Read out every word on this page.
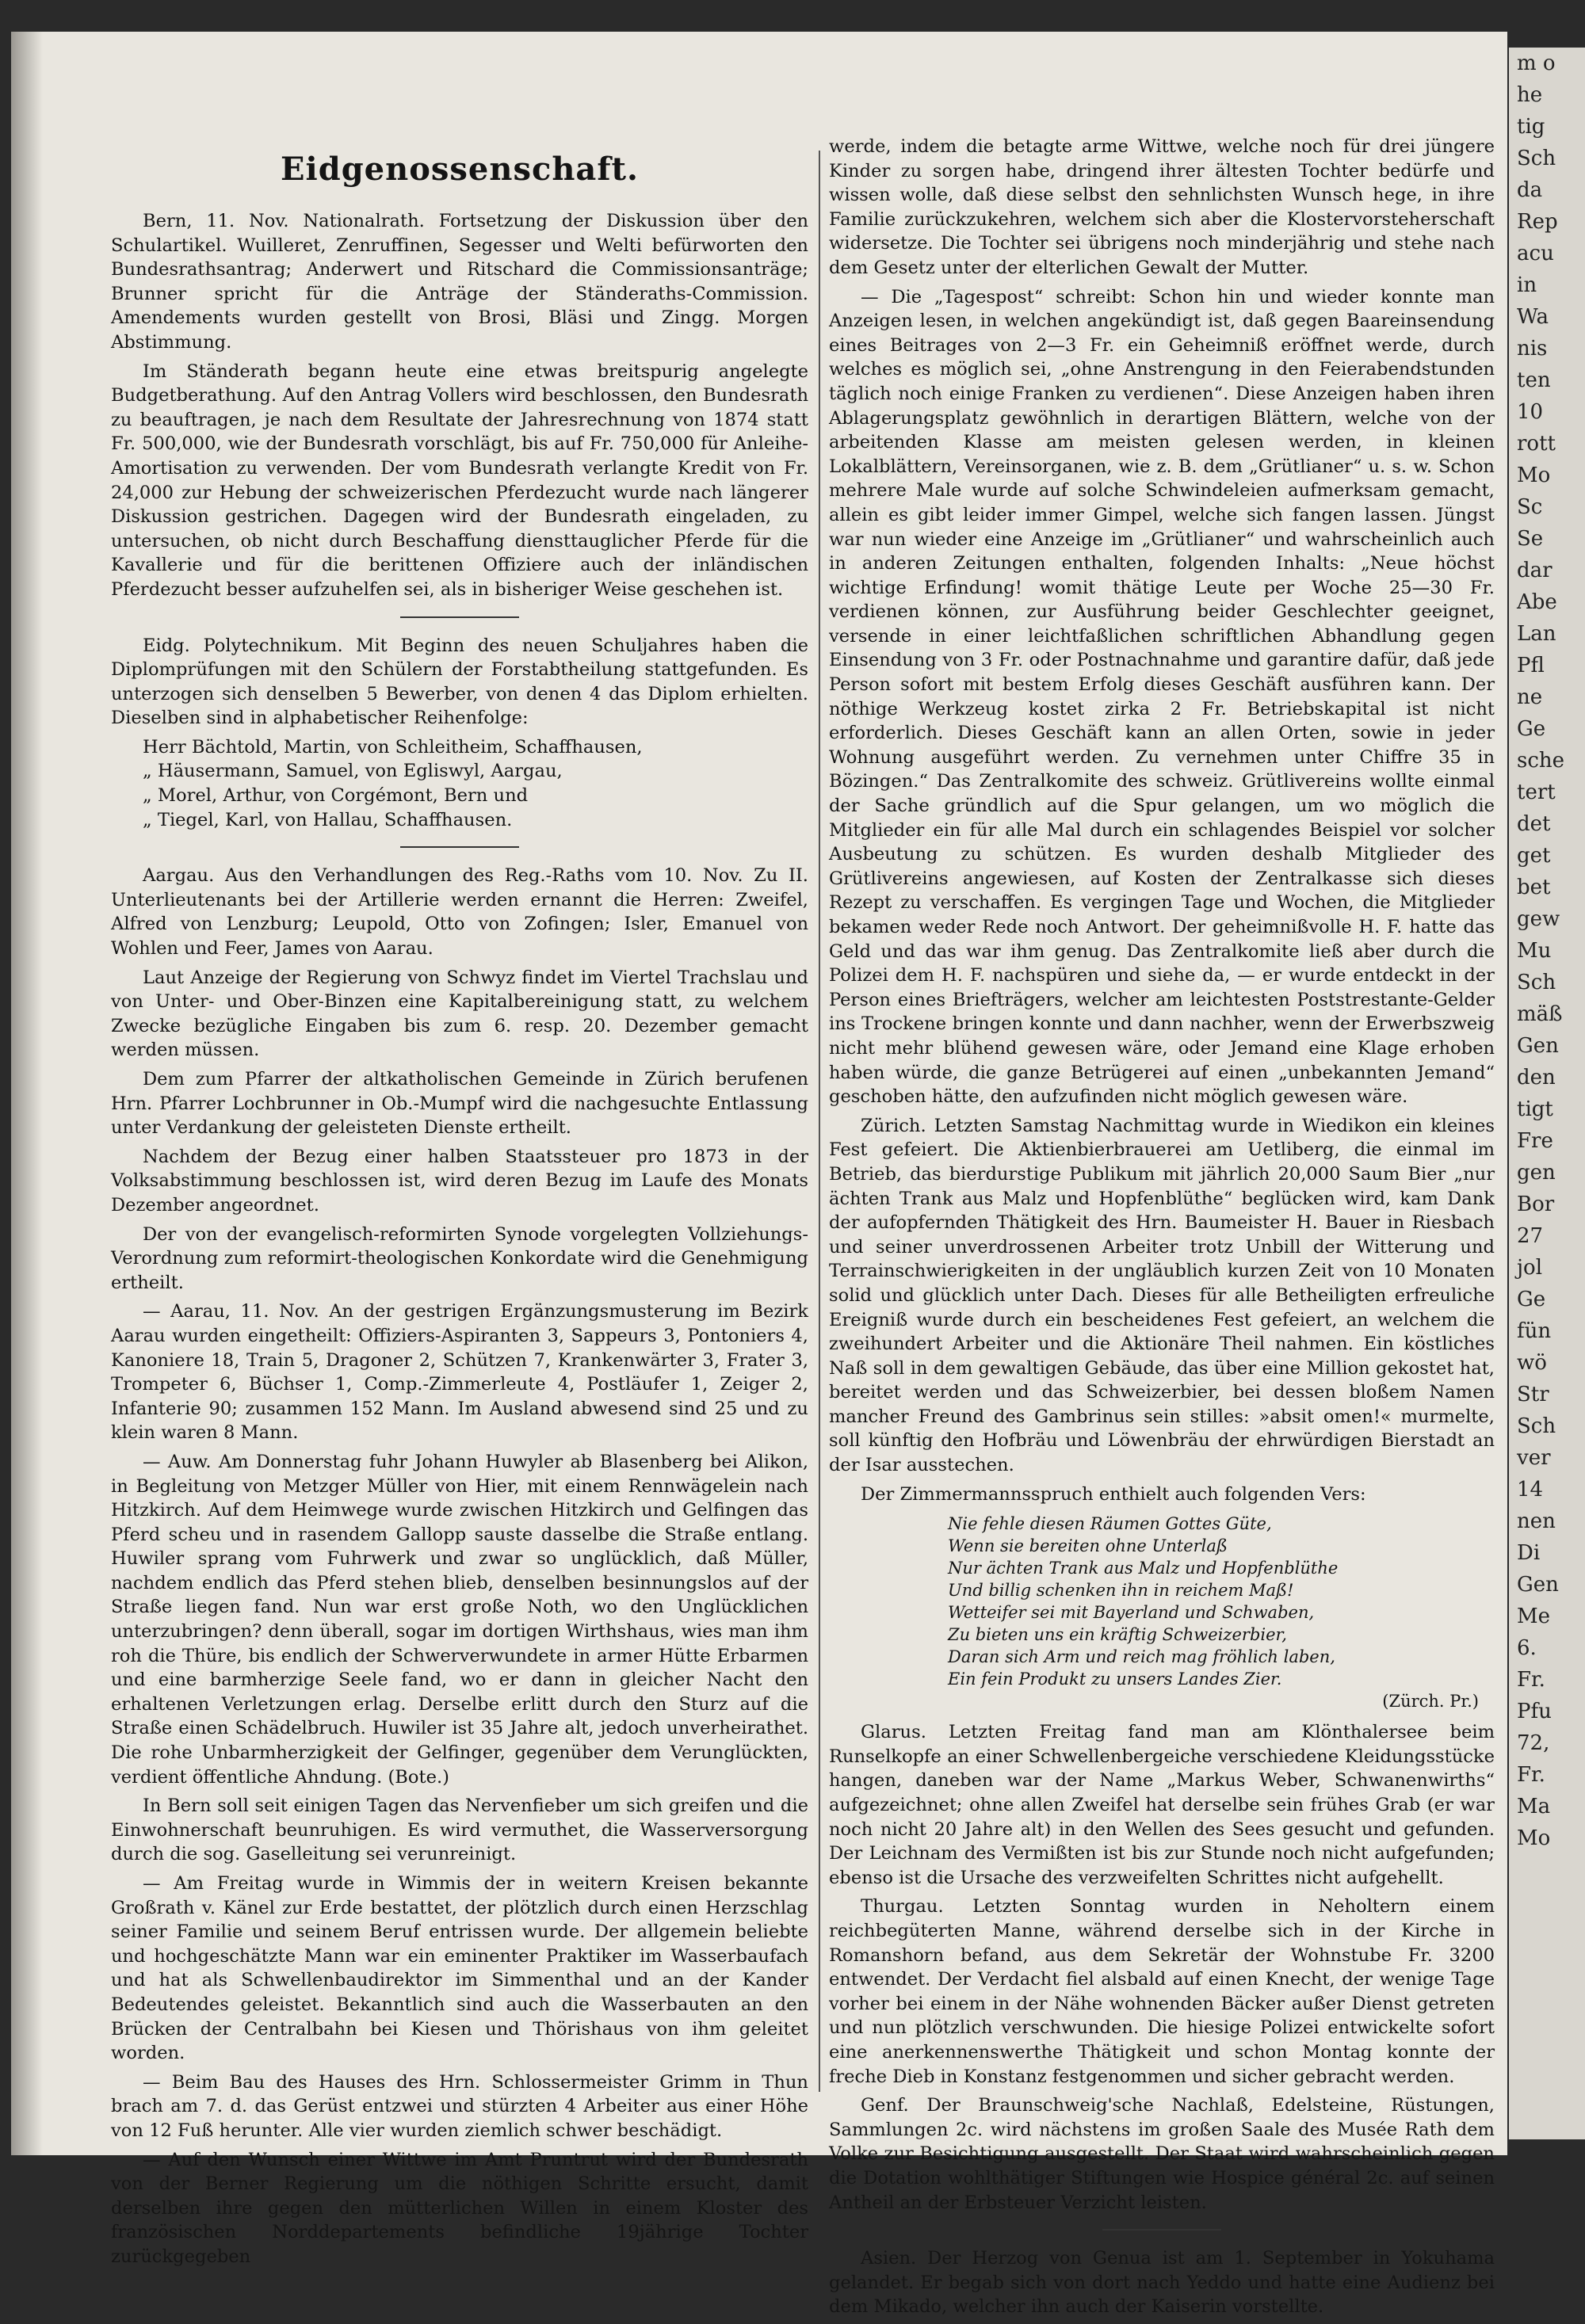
Eidgenossenschaft.

Bern, 11. Nov. Nationalrath. Fortsetzung der Diskussion über den Schulartikel. Wuilleret, Zenruffinen, Segesser und Welti befürworten den Bundesrathsantrag; Anderwert und Ritschard die Commissionsanträge; Brunner spricht für die Anträge der Ständeraths-Commission. Amendements wurden gestellt von Brosi, Bläsi und Zingg. Morgen Abstimmung.

Im Ständerath begann heute eine etwas breitspurig angelegte Budgetberathung. Auf den Antrag Vollers wird beschlossen, den Bundesrath zu beauftragen, je nach dem Resultate der Jahresrechnung von 1874 statt Fr. 500,000, wie der Bundesrath vorschlägt, bis auf Fr. 750,000 für Anleihe-Amortisation zu verwenden. Der vom Bundesrath verlangte Kredit von Fr. 24,000 zur Hebung der schweizerischen Pferdezucht wurde nach längerer Diskussion gestrichen. Dagegen wird der Bundesrath eingeladen, zu untersuchen, ob nicht durch Beschaffung diensttauglicher Pferde für die Kavallerie und für die berittenen Offiziere auch der inländischen Pferdezucht besser aufzuhelfen sei, als in bisheriger Weise geschehen ist.

Eidg. Polytechnikum. Mit Beginn des neuen Schuljahres haben die Diplomprüfungen mit den Schülern der Forstabtheilung stattgefunden. Es unterzogen sich denselben 5 Bewerber, von denen 4 das Diplom erhielten. Dieselben sind in alphabetischer Reihenfolge:

Herr Bächtold, Martin, von Schleitheim, Schaffhausen,
„ Häusermann, Samuel, von Egliswyl, Aargau,
„ Morel, Arthur, von Corgémont, Bern und
„ Tiegel, Karl, von Hallau, Schaffhausen.

Aargau. Aus den Verhandlungen des Reg.-Raths vom 10. Nov. Zu II. Unterlieutenants bei der Artillerie werden ernannt die Herren: Zweifel, Alfred von Lenzburg; Leupold, Otto von Zofingen; Isler, Emanuel von Wohlen und Feer, James von Aarau.

Laut Anzeige der Regierung von Schwyz findet im Viertel Trachslau und von Unter- und Ober-Binzen eine Kapitalbereinigung statt, zu welchem Zwecke bezügliche Eingaben bis zum 6. resp. 20. Dezember gemacht werden müssen.

Dem zum Pfarrer der altkatholischen Gemeinde in Zürich berufenen Hrn. Pfarrer Lochbrunner in Ob.-Mumpf wird die nachgesuchte Entlassung unter Verdankung der geleisteten Dienste ertheilt.

Nachdem der Bezug einer halben Staatssteuer pro 1873 in der Volksabstimmung beschlossen ist, wird deren Bezug im Laufe des Monats Dezember angeordnet.

Der von der evangelisch-reformirten Synode vorgelegten Vollziehungs-Verordnung zum reformirt-theologischen Konkordate wird die Genehmigung ertheilt.

— Aarau, 11. Nov. An der gestrigen Ergänzungsmusterung im Bezirk Aarau wurden eingetheilt: Offiziers-Aspiranten 3, Sappeurs 3, Pontoniers 4, Kanoniere 18, Train 5, Dragoner 2, Schützen 7, Krankenwärter 3, Frater 3, Trompeter 6, Büchser 1, Comp.-Zimmerleute 4, Postläufer 1, Zeiger 2, Infanterie 90; zusammen 152 Mann. Im Ausland abwesend sind 25 und zu klein waren 8 Mann.

— Auw. Am Donnerstag fuhr Johann Huwyler ab Blasenberg bei Alikon, in Begleitung von Metzger Müller von Hier, mit einem Rennwägelein nach Hitzkirch. Auf dem Heimwege wurde zwischen Hitzkirch und Gelfingen das Pferd scheu und in rasendem Gallopp sauste dasselbe die Straße entlang. Huwiler sprang vom Fuhrwerk und zwar so unglücklich, daß Müller, nachdem endlich das Pferd stehen blieb, denselben besinnungslos auf der Straße liegen fand. Nun war erst große Noth, wo den Unglücklichen unterzubringen? denn überall, sogar im dortigen Wirthshaus, wies man ihm roh die Thüre, bis endlich der Schwerverwundete in armer Hütte Erbarmen und eine barmherzige Seele fand, wo er dann in gleicher Nacht den erhaltenen Verletzungen erlag. Derselbe erlitt durch den Sturz auf die Straße einen Schädelbruch. Huwiler ist 35 Jahre alt, jedoch unverheirathet. Die rohe Unbarmherzigkeit der Gelfinger, gegenüber dem Verunglückten, verdient öffentliche Ahndung. (Bote.)

In Bern soll seit einigen Tagen das Nervenfieber um sich greifen und die Einwohnerschaft beunruhigen. Es wird vermuthet, die Wasserversorgung durch die sog. Gaselleitung sei verunreinigt.

— Am Freitag wurde in Wimmis der in weitern Kreisen bekannte Großrath v. Känel zur Erde bestattet, der plötzlich durch einen Herzschlag seiner Familie und seinem Beruf entrissen wurde. Der allgemein beliebte und hochgeschätzte Mann war ein eminenter Praktiker im Wasserbaufach und hat als Schwellenbaudirektor im Simmenthal und an der Kander Bedeutendes geleistet. Bekanntlich sind auch die Wasserbauten an den Brücken der Centralbahn bei Kiesen und Thörishaus von ihm geleitet worden.

— Beim Bau des Hauses des Hrn. Schlossermeister Grimm in Thun brach am 7. d. das Gerüst entzwei und stürzten 4 Arbeiter aus einer Höhe von 12 Fuß herunter. Alle vier wurden ziemlich schwer beschädigt.

— Auf den Wunsch einer Wittwe im Amt Pruntrut wird der Bundesrath von der Berner Regierung um die nöthigen Schritte ersucht, damit derselben ihre gegen den mütterlichen Willen in einem Kloster des französischen Norddepartements befindliche 19jährige Tochter zurückgegeben

werde, indem die betagte arme Wittwe, welche noch für drei jüngere Kinder zu sorgen habe, dringend ihrer ältesten Tochter bedürfe und wissen wolle, daß diese selbst den sehnlichsten Wunsch hege, in ihre Familie zurückzukehren, welchem sich aber die Klostervorsteherschaft widersetze. Die Tochter sei übrigens noch minderjährig und stehe nach dem Gesetz unter der elterlichen Gewalt der Mutter.

— Die „Tagespost“ schreibt: Schon hin und wieder konnte man Anzeigen lesen, in welchen angekündigt ist, daß gegen Baareinsendung eines Beitrages von 2—3 Fr. ein Geheimniß eröffnet werde, durch welches es möglich sei, „ohne Anstrengung in den Feierabendstunden täglich noch einige Franken zu verdienen“. Diese Anzeigen haben ihren Ablagerungsplatz gewöhnlich in derartigen Blättern, welche von der arbeitenden Klasse am meisten gelesen werden, in kleinen Lokalblättern, Vereinsorganen, wie z. B. dem „Grütlianer“ u. s. w. Schon mehrere Male wurde auf solche Schwindeleien aufmerksam gemacht, allein es gibt leider immer Gimpel, welche sich fangen lassen. Jüngst war nun wieder eine Anzeige im „Grütlianer“ und wahrscheinlich auch in anderen Zeitungen enthalten, folgenden Inhalts: „Neue höchst wichtige Erfindung! womit thätige Leute per Woche 25—30 Fr. verdienen können, zur Ausführung beider Geschlechter geeignet, versende in einer leichtfaßlichen schriftlichen Abhandlung gegen Einsendung von 3 Fr. oder Postnachnahme und garantire dafür, daß jede Person sofort mit bestem Erfolg dieses Geschäft ausführen kann. Der nöthige Werkzeug kostet zirka 2 Fr. Betriebskapital ist nicht erforderlich. Dieses Geschäft kann an allen Orten, sowie in jeder Wohnung ausgeführt werden. Zu vernehmen unter Chiffre 35 in Bözingen.“ Das Zentralkomite des schweiz. Grütlivereins wollte einmal der Sache gründlich auf die Spur gelangen, um wo möglich die Mitglieder ein für alle Mal durch ein schlagendes Beispiel vor solcher Ausbeutung zu schützen. Es wurden deshalb Mitglieder des Grütlivereins angewiesen, auf Kosten der Zentralkasse sich dieses Rezept zu verschaffen. Es vergingen Tage und Wochen, die Mitglieder bekamen weder Rede noch Antwort. Der geheimnißvolle H. F. hatte das Geld und das war ihm genug. Das Zentralkomite ließ aber durch die Polizei dem H. F. nachspüren und siehe da, — er wurde entdeckt in der Person eines Briefträgers, welcher am leichtesten Poststrestante-Gelder ins Trockene bringen konnte und dann nachher, wenn der Erwerbszweig nicht mehr blühend gewesen wäre, oder Jemand eine Klage erhoben haben würde, die ganze Betrügerei auf einen „unbekannten Jemand“ geschoben hätte, den aufzufinden nicht möglich gewesen wäre.

Zürich. Letzten Samstag Nachmittag wurde in Wiedikon ein kleines Fest gefeiert. Die Aktienbierbrauerei am Uetliberg, die einmal im Betrieb, das bierdurstige Publikum mit jährlich 20,000 Saum Bier „nur ächten Trank aus Malz und Hopfenblüthe“ beglücken wird, kam Dank der aufopfernden Thätigkeit des Hrn. Baumeister H. Bauer in Riesbach und seiner unverdrossenen Arbeiter trotz Unbill der Witterung und Terrainschwierigkeiten in der ungläublich kurzen Zeit von 10 Monaten solid und glücklich unter Dach. Dieses für alle Betheiligten erfreuliche Ereigniß wurde durch ein bescheidenes Fest gefeiert, an welchem die zweihundert Arbeiter und die Aktionäre Theil nahmen. Ein köstliches Naß soll in dem gewaltigen Gebäude, das über eine Million gekostet hat, bereitet werden und das Schweizerbier, bei dessen bloßem Namen mancher Freund des Gambrinus sein stilles: »absit omen!« murmelte, soll künftig den Hofbräu und Löwenbräu der ehrwürdigen Bierstadt an der Isar ausstechen.

Der Zimmermannsspruch enthielt auch folgenden Vers:

Nie fehle diesen Räumen Gottes Güte,
Wenn sie bereiten ohne Unterlaß
Nur ächten Trank aus Malz und Hopfenblüthe
Und billig schenken ihn in reichem Maß!
Wetteifer sei mit Bayerland und Schwaben,
Zu bieten uns ein kräftig Schweizerbier,
Daran sich Arm und reich mag fröhlich laben,
Ein fein Produkt zu unsers Landes Zier.
(Zürch. Pr.)

Glarus. Letzten Freitag fand man am Klönthalersee beim Runselkopfe an einer Schwellenbergeiche verschiedene Kleidungsstücke hangen, daneben war der Name „Markus Weber, Schwanenwirths“ aufgezeichnet; ohne allen Zweifel hat derselbe sein frühes Grab (er war noch nicht 20 Jahre alt) in den Wellen des Sees gesucht und gefunden. Der Leichnam des Vermißten ist bis zur Stunde noch nicht aufgefunden; ebenso ist die Ursache des verzweifelten Schrittes nicht aufgehellt.

Thurgau. Letzten Sonntag wurden in Neholtern einem reichbegüterten Manne, während derselbe sich in der Kirche in Romanshorn befand, aus dem Sekretär der Wohnstube Fr. 3200 entwendet. Der Verdacht fiel alsbald auf einen Knecht, der wenige Tage vorher bei einem in der Nähe wohnenden Bäcker außer Dienst getreten und nun plötzlich verschwunden. Die hiesige Polizei entwickelte sofort eine anerkennenswerthe Thätigkeit und schon Montag konnte der freche Dieb in Konstanz festgenommen und sicher gebracht werden.

Genf. Der Braunschweig'sche Nachlaß, Edelsteine, Rüstungen, Sammlungen 2c. wird nächstens im großen Saale des Musée Rath dem Volke zur Besichtigung ausgestellt. Der Staat wird wahrscheinlich gegen die Dotation wohlthätiger Stiftungen wie Hospice général 2c. auf seinen Antheil an der Erbsteuer Verzicht leisten.

Asien. Der Herzog von Genua ist am 1. September in Yokuhama gelandet. Er begab sich von dort nach Yeddo und hatte eine Audienz bei dem Mikado, welcher ihn auch der Kaiserin vorstellte.

m o
he
tig
Sch
da
Rep
acu
in
Wa
nis
ten
10
rott
Mo
Sc
Se
dar
Abe
Lan
Pfl
ne
Ge
sche
tert
det
get
bet
gew
Mu
Sch
mäß
Gen
den
tigt
Fre
gen
Bor
27
jol
Ge
fün
wö
Str
Sch
ver
14
nen
Di
Gen
Me
6.
Fr.
Pfu
72,
Fr.
Ma
Mo
